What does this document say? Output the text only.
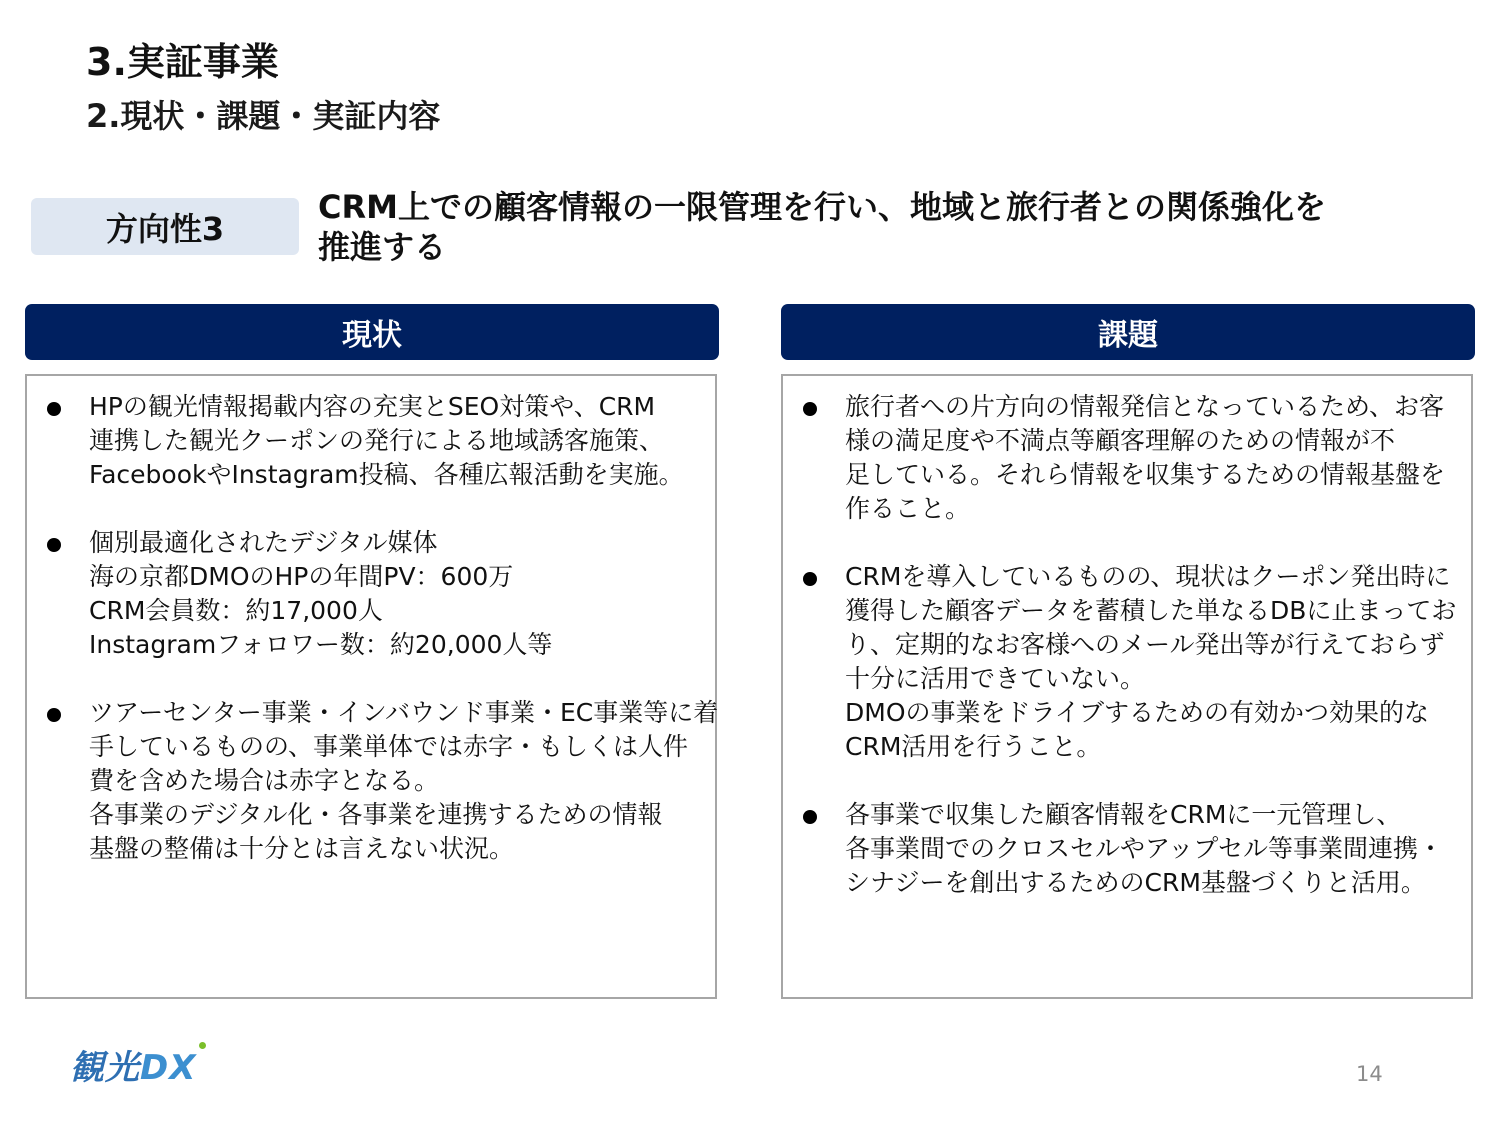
3.実証事業
2.現状・課題・実証内容
方向性3
CRM上での顧客情報の一限管理を行い、地域と旅行者との関係強化を
推進する
現状	課題
HPの観光情報掲載内容の充実とSEO対策や、CRM
連携した観光クーポンの発行による地域誘客施策、
FacebookやInstagram投稿、各種広報活動を実施。
個別最適化されたデジタル媒体
海の京都DMOのHPの年間PV：600万
CRM会員数：約17,000人
Instagramフォロワー数：約20,000人等
ツアーセンター事業・インバウンド事業・EC事業等に着
手しているものの、事業単体では赤字・もしくは人件
費を含めた場合は赤字となる。
各事業のデジタル化・各事業を連携するための情報
基盤の整備は十分とは言えない状況。
旅行者への片方向の情報発信となっているため、お客
様の満足度や不満点等顧客理解のための情報が不
足している。それら情報を収集するための情報基盤を
作ること。
CRMを導入しているものの、現状はクーポン発出時に
獲得した顧客データを蓄積した単なるDBに止まってお
り、定期的なお客様へのメール発出等が行えておらず
十分に活用できていない。
DMOの事業をドライブするための有効かつ効果的な
CRM活用を行うこと。
各事業で収集した顧客情報をCRMに一元管理し、
各事業間でのクロスセルやアップセル等事業間連携・
シナジーを創出するためのCRM基盤づくりと活用。
観光DX	14
